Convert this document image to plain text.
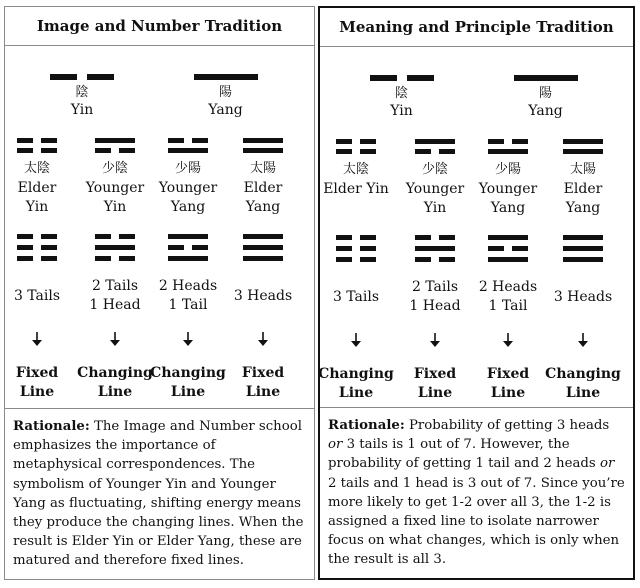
Image and Number Tradition
陰
Yin
陽
Yang
太陰
Elder
Yin
3 Tails
Fixed
Line
少陰
Younger
Yin
2 Tails
1 Head
Changing
Line
少陽
Younger
Yang
2 Heads
1 Tail
Changing
Line
太陽
Elder
Yang
3 Heads
Fixed
Line

Rationale: The Image and Number school emphasizes the importance of metaphysical correspondences. The symbolism of Younger Yin and Younger Yang as fluctuating, shifting energy means they produce the changing lines. When the result is Elder Yin or Elder Yang, these are matured and therefore fixed lines.

Meaning and Principle Tradition
陰
Yin
陽
Yang
太陰
Elder Yin
3 Tails
Changing
Line
少陰
Younger
Yin
2 Tails
1 Head
Fixed
Line
少陽
Younger
Yang
2 Heads
1 Tail
Fixed
Line
太陽
Elder
Yang
3 Heads
Changing
Line

Rationale: Probability of getting 3 heads or 3 tails is 1 out of 7. However, the probability of getting 1 tail and 2 heads or 2 tails and 1 head is 3 out of 7. Since you’re more likely to get 1-2 over all 3, the 1-2 is assigned a fixed line to isolate narrower focus on what changes, which is only when the result is all 3.
